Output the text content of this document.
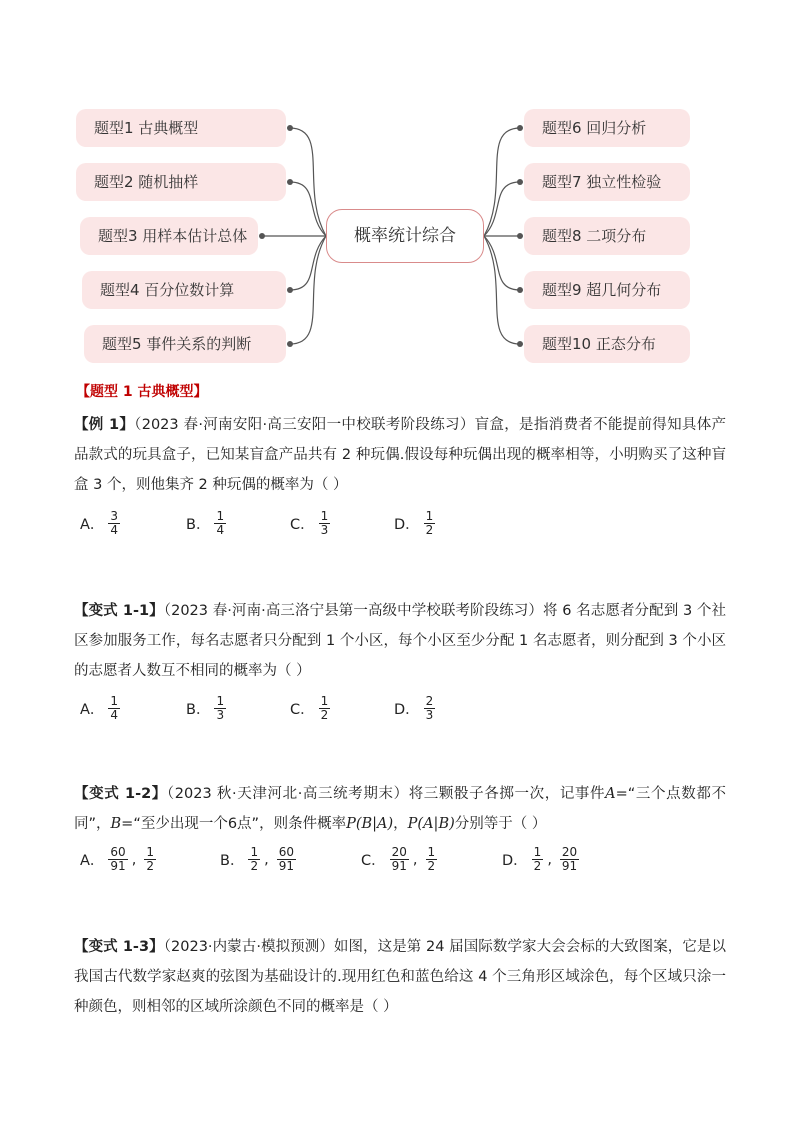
题型1 古典概型
题型2 随机抽样
题型3 用样本估计总体
题型4 百分位数计算
题型5 事件关系的判断
题型6 回归分析
题型7 独立性检验
题型8 二项分布
题型9 超几何分布
题型10 正态分布
概率统计综合
【题型 1 古典概型】
【例 1】（2023 春·河南安阳·高三安阳一中校联考阶段练习）盲盒，是指消费者不能提前得知具体产品款式的玩具盒子，已知某盲盒产品共有 2 种玩偶.假设每种玩偶出现的概率相等，小明购买了这种盲盒 3 个，则他集齐 2 种玩偶的概率为（ ）
A． $\frac{3}{4}$	B． $\frac{1}{4}$	C． $\frac{1}{3}$	D． $\frac{1}{2}$
【变式 1-1】（2023 春·河南·高三洛宁县第一高级中学校联考阶段练习）将 6 名志愿者分配到 3 个社区参加服务工作，每名志愿者只分配到 1 个小区，每个小区至少分配 1 名志愿者，则分配到 3 个小区的志愿者人数互不相同的概率为（ ）
A． $\frac{1}{4}$	B． $\frac{1}{3}$	C． $\frac{1}{2}$	D． $\frac{2}{3}$
【变式 1-2】（2023 秋·天津河北·高三统考期末）将三颗骰子各掷一次，记事件A=“三个点数都不同”，B=“至少出现一个6点”，则条件概率P(B|A)，P(A|B)分别等于（ ）
A． $\frac{60}{91}$ , $\frac{1}{2}$	B． $\frac{1}{2}$ , $\frac{60}{91}$	C． $\frac{20}{91}$ , $\frac{1}{2}$	D． $\frac{1}{2}$ , $\frac{20}{91}$
【变式 1-3】（2023·内蒙古·模拟预测）如图，这是第 24 届国际数学家大会会标的大致图案，它是以我国古代数学家赵爽的弦图为基础设计的.现用红色和蓝色给这 4 个三角形区域涂色，每个区域只涂一种颜色，则相邻的区域所涂颜色不同的概率是（ ）
